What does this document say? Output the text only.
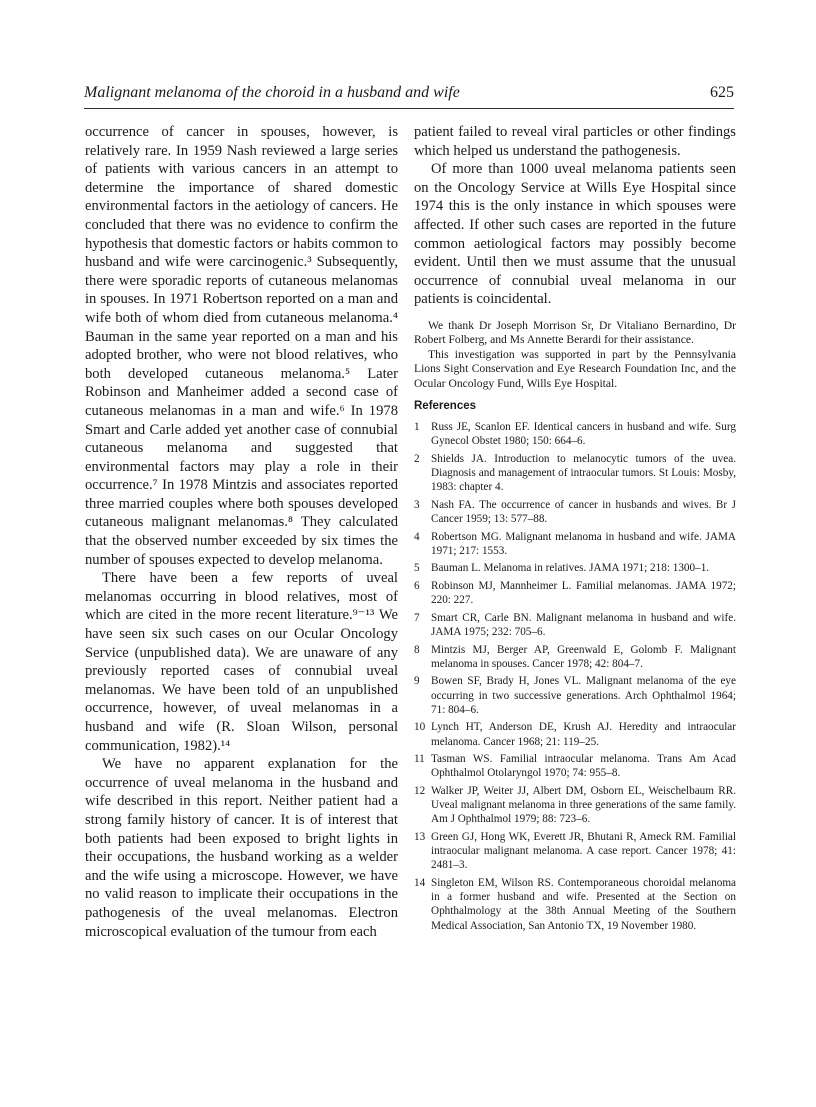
Malignant melanoma of the choroid in a husband and wife	625

occurrence of cancer in spouses, however, is relatively rare. In 1959 Nash reviewed a large series of patients with various cancers in an attempt to determine the importance of shared domestic environmental factors in the aetiology of cancers. He concluded that there was no evidence to confirm the hypothesis that domestic factors or habits common to husband and wife were carcinogenic.³ Subsequently, there were sporadic reports of cutaneous melanomas in spouses. In 1971 Robertson reported on a man and wife both of whom died from cutaneous melanoma.⁴ Bauman in the same year reported on a man and his adopted brother, who were not blood relatives, who both developed cutaneous melanoma.⁵ Later Robinson and Manheimer added a second case of cutaneous melanomas in a man and wife.⁶ In 1978 Smart and Carle added yet another case of connubial cutaneous melanoma and suggested that environmental factors may play a role in their occurrence.⁷ In 1978 Mintzis and associates reported three married couples where both spouses developed cutaneous malignant melanomas.⁸ They calculated that the observed number exceeded by six times the number of spouses expected to develop melanoma.

There have been a few reports of uveal melanomas occurring in blood relatives, most of which are cited in the more recent literature.⁹⁻¹³ We have seen six such cases on our Ocular Oncology Service (unpublished data). We are unaware of any previously reported cases of connubial uveal melanomas. We have been told of an unpublished occurrence, however, of uveal melanomas in a husband and wife (R. Sloan Wilson, personal communication, 1982).¹⁴

We have no apparent explanation for the occurrence of uveal melanoma in the husband and wife described in this report. Neither patient had a strong family history of cancer. It is of interest that both patients had been exposed to bright lights in their occupations, the husband working as a welder and the wife using a microscope. However, we have no valid reason to implicate their occupations in the pathogenesis of the uveal melanomas. Electron microscopical evaluation of the tumour from each

patient failed to reveal viral particles or other findings which helped us understand the pathogenesis.

Of more than 1000 uveal melanoma patients seen on the Oncology Service at Wills Eye Hospital since 1974 this is the only instance in which spouses were affected. If other such cases are reported in the future common aetiological factors may possibly become evident. Until then we must assume that the unusual occurrence of connubial uveal melanoma in our patients is coincidental.

We thank Dr Joseph Morrison Sr, Dr Vitaliano Bernardino, Dr Robert Folberg, and Ms Annette Berardi for their assistance.

This investigation was supported in part by the Pennsylvania Lions Sight Conservation and Eye Research Foundation Inc, and the Ocular Oncology Fund, Wills Eye Hospital.

References
1 Russ JE, Scanlon EF. Identical cancers in husband and wife. Surg Gynecol Obstet 1980; 150: 664–6.
2 Shields JA. Introduction to melanocytic tumors of the uvea. Diagnosis and management of intraocular tumors. St Louis: Mosby, 1983: chapter 4.
3 Nash FA. The occurrence of cancer in husbands and wives. Br J Cancer 1959; 13: 577–88.
4 Robertson MG. Malignant melanoma in husband and wife. JAMA 1971; 217: 1553.
5 Bauman L. Melanoma in relatives. JAMA 1971; 218: 1300–1.
6 Robinson MJ, Mannheimer L. Familial melanomas. JAMA 1972; 220: 227.
7 Smart CR, Carle BN. Malignant melanoma in husband and wife. JAMA 1975; 232: 705–6.
8 Mintzis MJ, Berger AP, Greenwald E, Golomb F. Malignant melanoma in spouses. Cancer 1978; 42: 804–7.
9 Bowen SF, Brady H, Jones VL. Malignant melanoma of the eye occurring in two successive generations. Arch Ophthalmol 1964; 71: 804–6.
10 Lynch HT, Anderson DE, Krush AJ. Heredity and intraocular melanoma. Cancer 1968; 21: 119–25.
11 Tasman WS. Familial intraocular melanoma. Trans Am Acad Ophthalmol Otolaryngol 1970; 74: 955–8.
12 Walker JP, Weiter JJ, Albert DM, Osborn EL, Weischelbaum RR. Uveal malignant melanoma in three generations of the same family. Am J Ophthalmol 1979; 88: 723–6.
13 Green GJ, Hong WK, Everett JR, Bhutani R, Ameck RM. Familial intraocular malignant melanoma. A case report. Cancer 1978; 41: 2481–3.
14 Singleton EM, Wilson RS. Contemporaneous choroidal melanoma in a former husband and wife. Presented at the Section on Ophthalmology at the 38th Annual Meeting of the Southern Medical Association, San Antonio TX, 19 November 1980.
